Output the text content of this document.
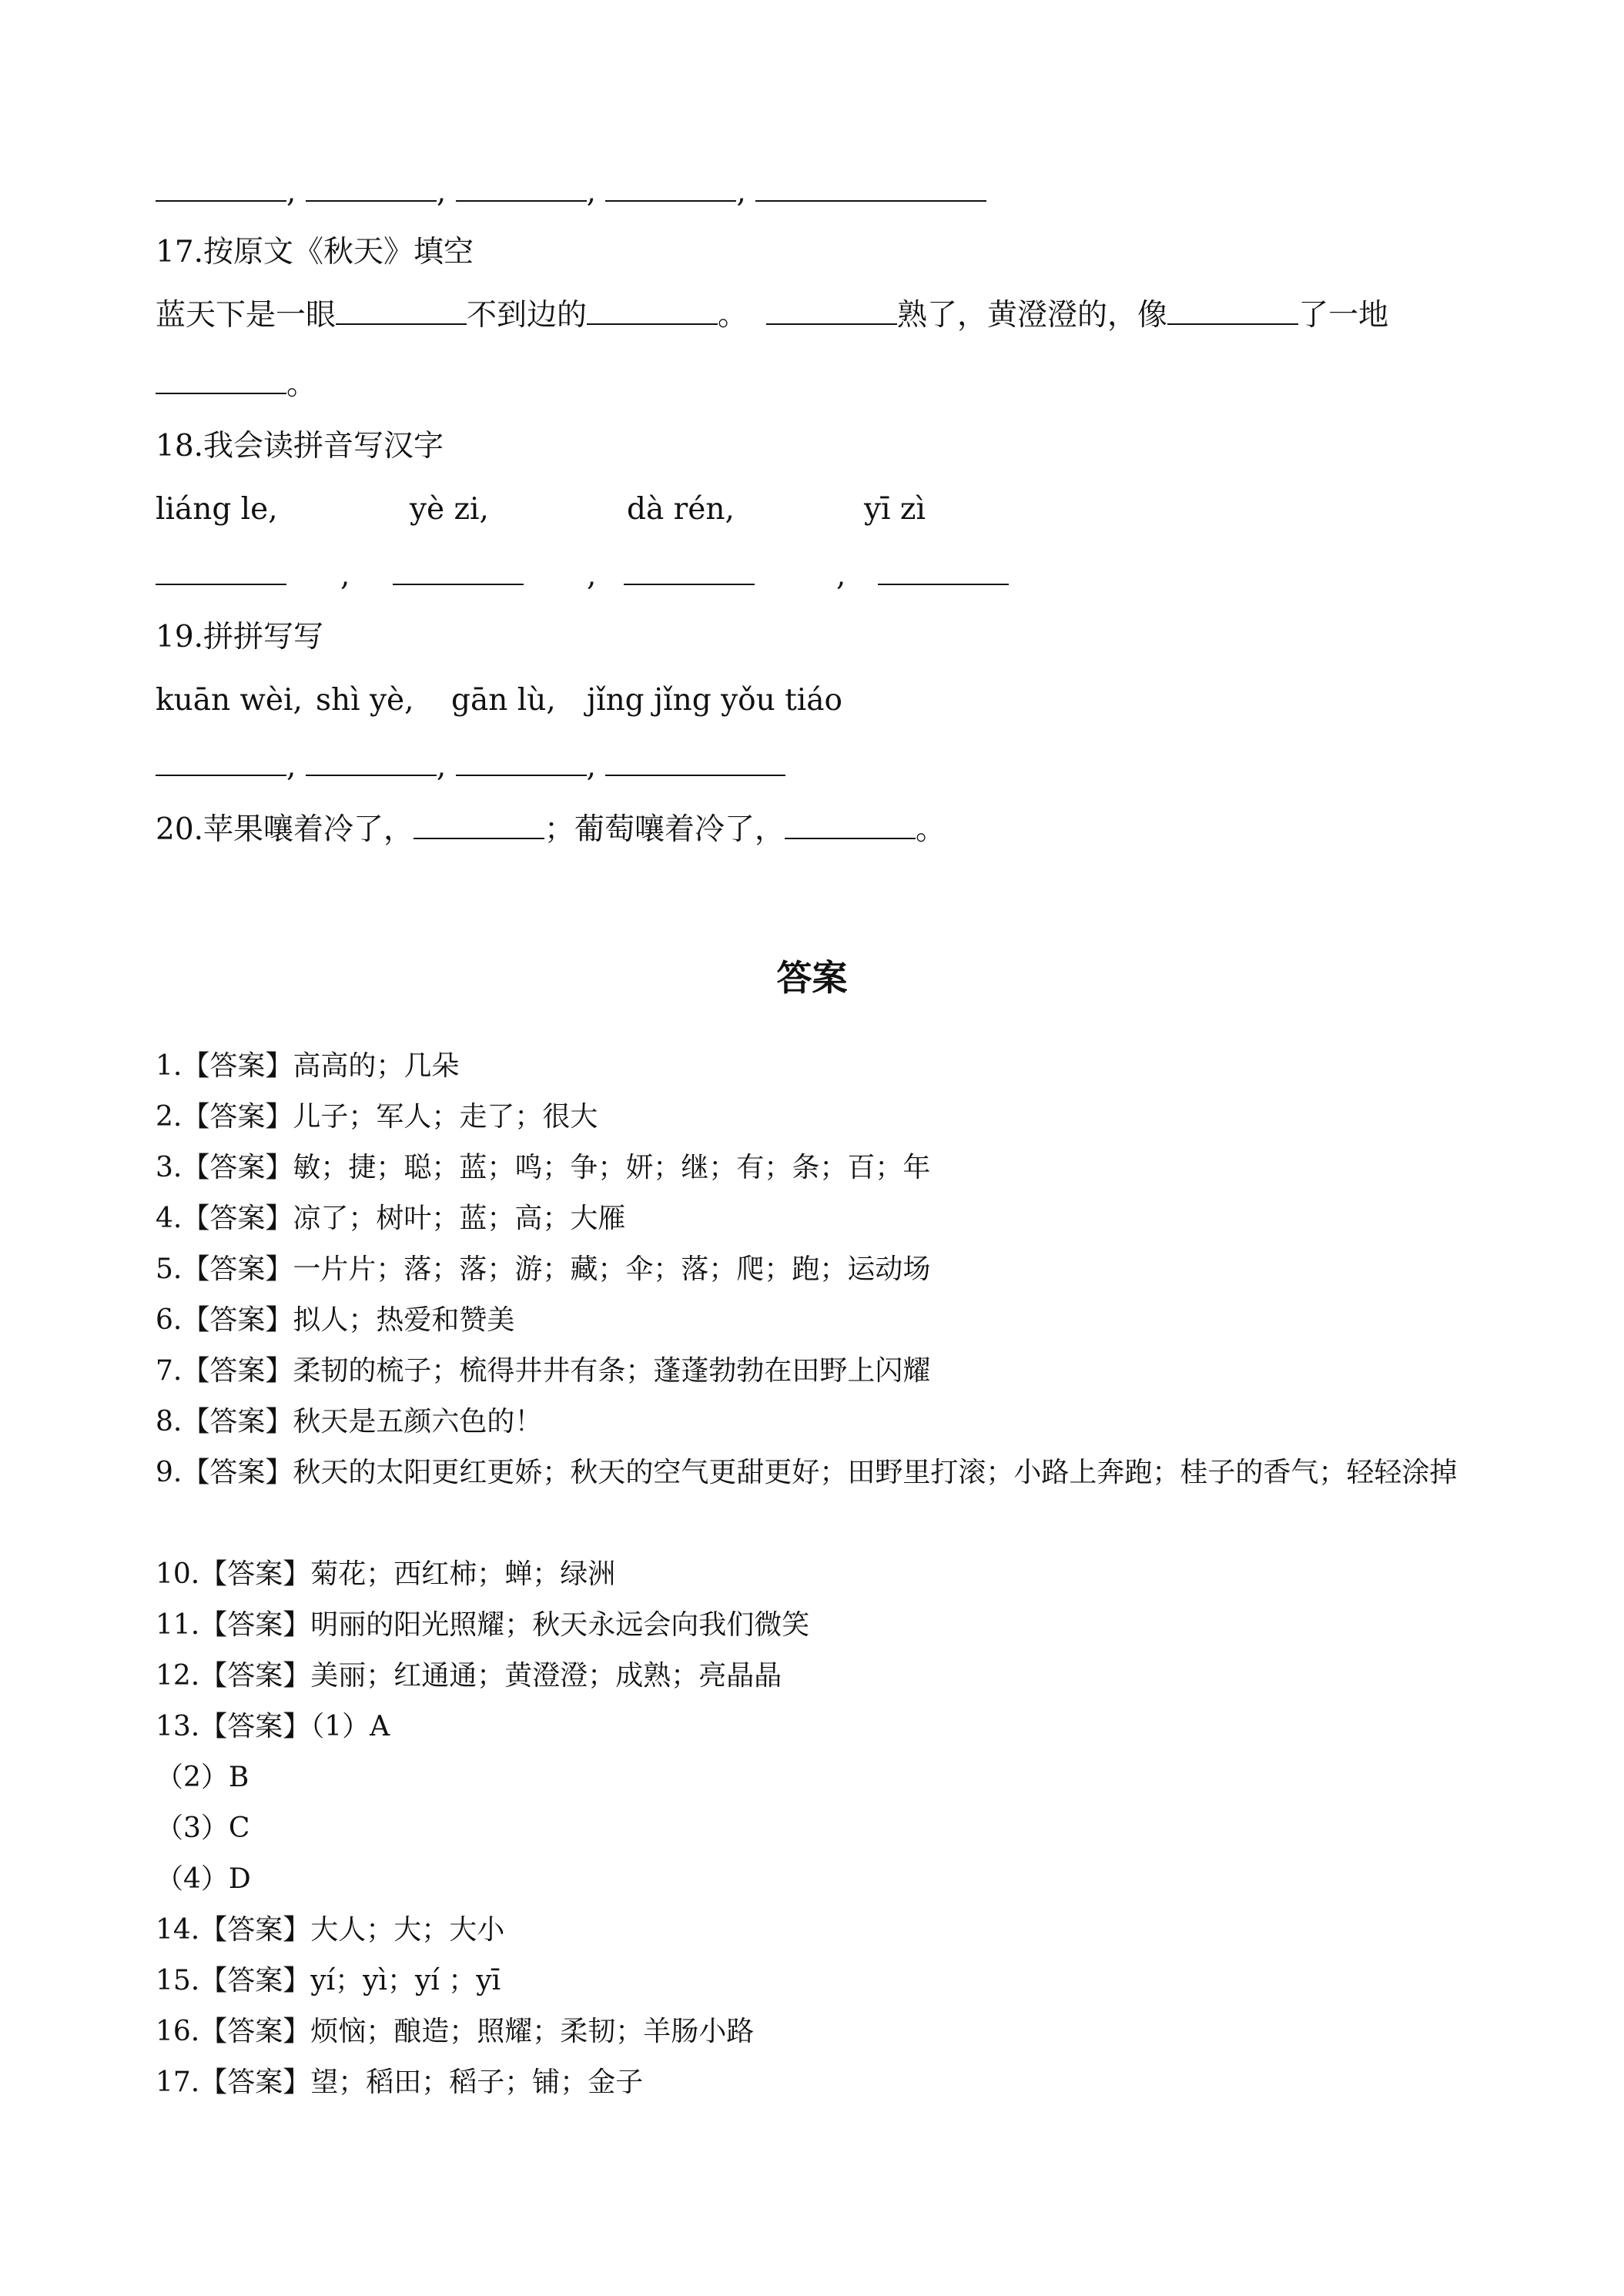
,	,	,	,
17.按原文《秋天》填空
蓝天下是一眼	不到边的	。	熟了，黄澄澄的，像	了一地
。
18.我会读拼音写汉字
liáng le,	yè zi,	dà rén,	yī zì
,	,	,
19.拼拼写写
kuān wèi, shì yè, gān lù, jǐng jǐng yǒu tiáo
,	,	,
20.苹果嚷着冷了，	；葡萄嚷着冷了，	。
答案
1.【答案】高高的；几朵
2.【答案】儿子；军人；走了；很大
3.【答案】敏；捷；聪；蓝；鸣；争；妍；继；有；条；百；年
4.【答案】凉了；树叶；蓝；高；大雁
5.【答案】一片片；落；落；游；藏；伞；落；爬；跑；运动场
6.【答案】拟人；热爱和赞美
7.【答案】柔韧的梳子；梳得井井有条；蓬蓬勃勃在田野上闪耀
8.【答案】秋天是五颜六色的！
9.【答案】秋天的太阳更红更娇；秋天的空气更甜更好；田野里打滚；小路上奔跑；桂子的香气；轻轻涂掉
10.【答案】菊花；西红柿；蝉；绿洲
11.【答案】明丽的阳光照耀；秋天永远会向我们微笑
12.【答案】美丽；红通通；黄澄澄；成熟；亮晶晶
13.【答案】（1）A
（2）B
（3）C
（4）D
14.【答案】大人；大；大小
15.【答案】yí；yì；yí ；yī
16.【答案】烦恼；酿造；照耀；柔韧；羊肠小路
17.【答案】望；稻田；稻子；铺；金子
